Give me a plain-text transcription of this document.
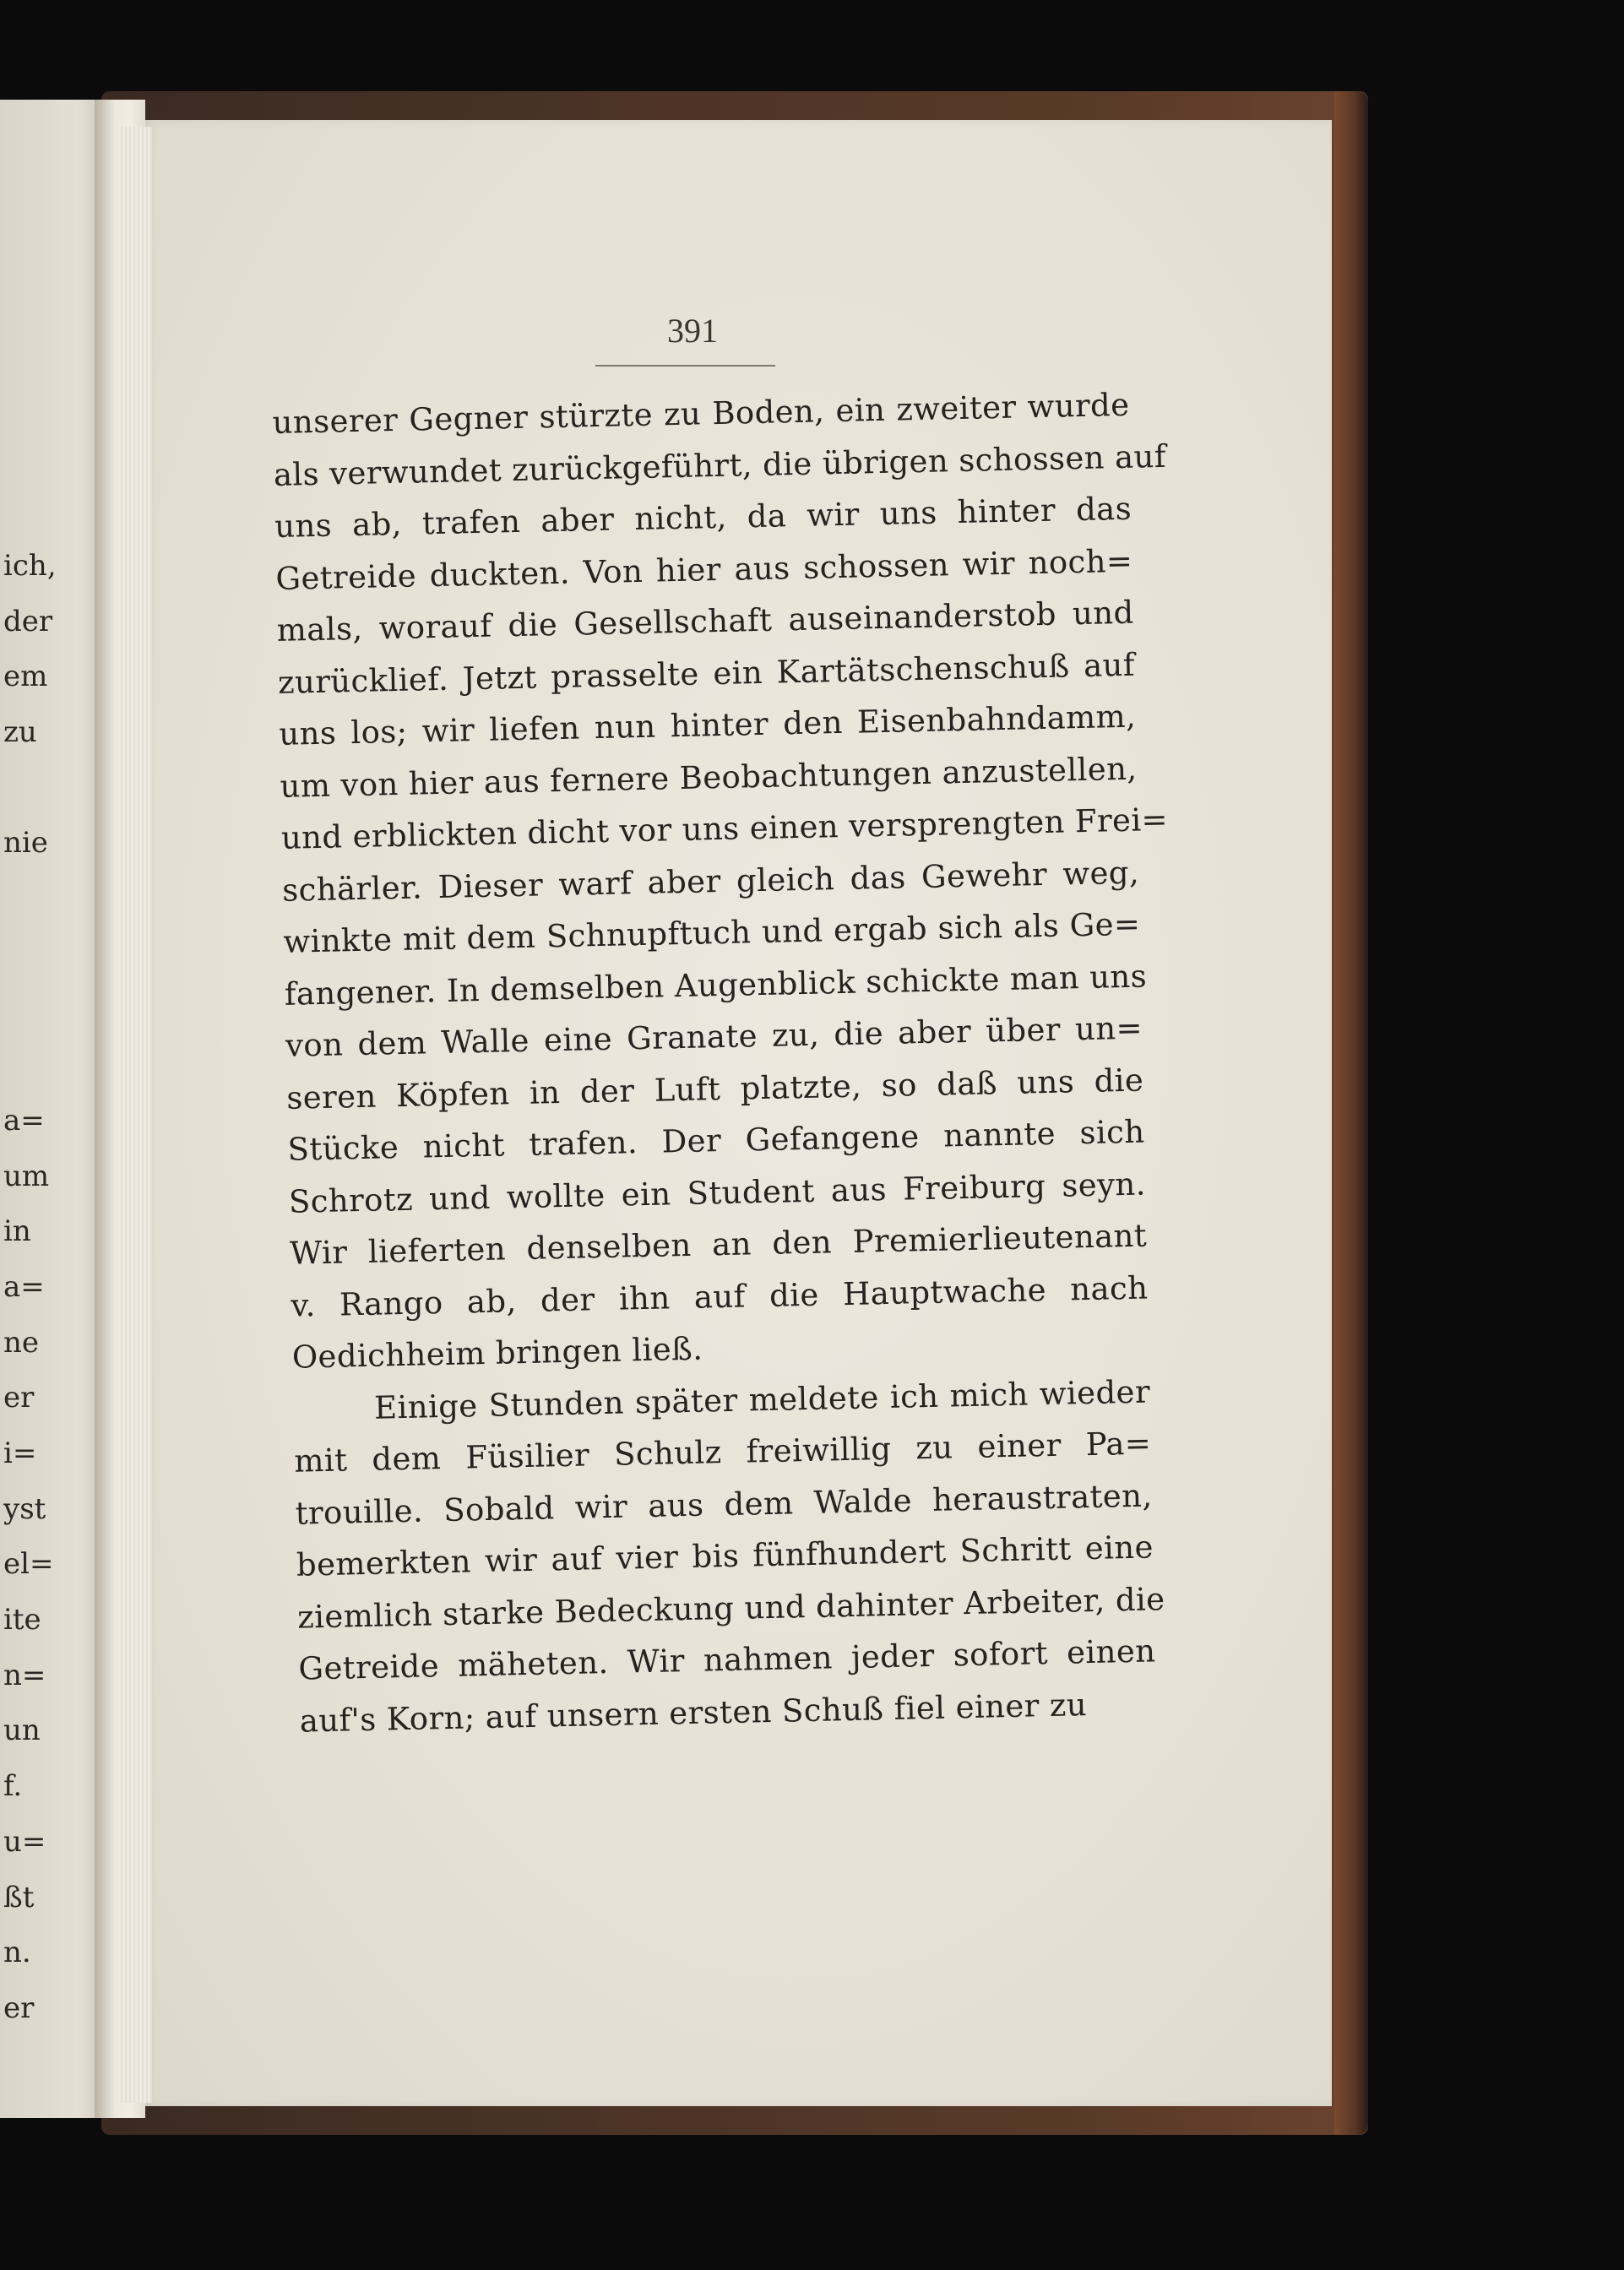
ich,
der
em
zu
nie
a=
um
in
a=
ne
er
i=
yst
el=
ite
n=
un
f.
u=
ßt
n.
er
391
unserer Gegner stürzte zu Boden, ein zweiter wurde
als verwundet zurückgeführt, die übrigen schossen auf
uns ab, trafen aber nicht, da wir uns hinter das
Getreide duckten. Von hier aus schossen wir noch=
mals, worauf die Gesellschaft auseinanderstob und
zurücklief. Jetzt prasselte ein Kartätschenschuß auf
uns los; wir liefen nun hinter den Eisenbahndamm,
um von hier aus fernere Beobachtungen anzustellen,
und erblickten dicht vor uns einen versprengten Frei=
schärler. Dieser warf aber gleich das Gewehr weg,
winkte mit dem Schnupftuch und ergab sich als Ge=
fangener. In demselben Augenblick schickte man uns
von dem Walle eine Granate zu, die aber über un=
seren Köpfen in der Luft platzte, so daß uns die
Stücke nicht trafen. Der Gefangene nannte sich
Schrotz und wollte ein Student aus Freiburg seyn.
Wir lieferten denselben an den Premierlieutenant
v. Rango ab, der ihn auf die Hauptwache nach
Oedichheim bringen ließ.
Einige Stunden später meldete ich mich wieder
mit dem Füsilier Schulz freiwillig zu einer Pa=
trouille. Sobald wir aus dem Walde heraustraten,
bemerkten wir auf vier bis fünfhundert Schritt eine
ziemlich starke Bedeckung und dahinter Arbeiter, die
Getreide mäheten. Wir nahmen jeder sofort einen
auf's Korn; auf unsern ersten Schuß fiel einer zu
